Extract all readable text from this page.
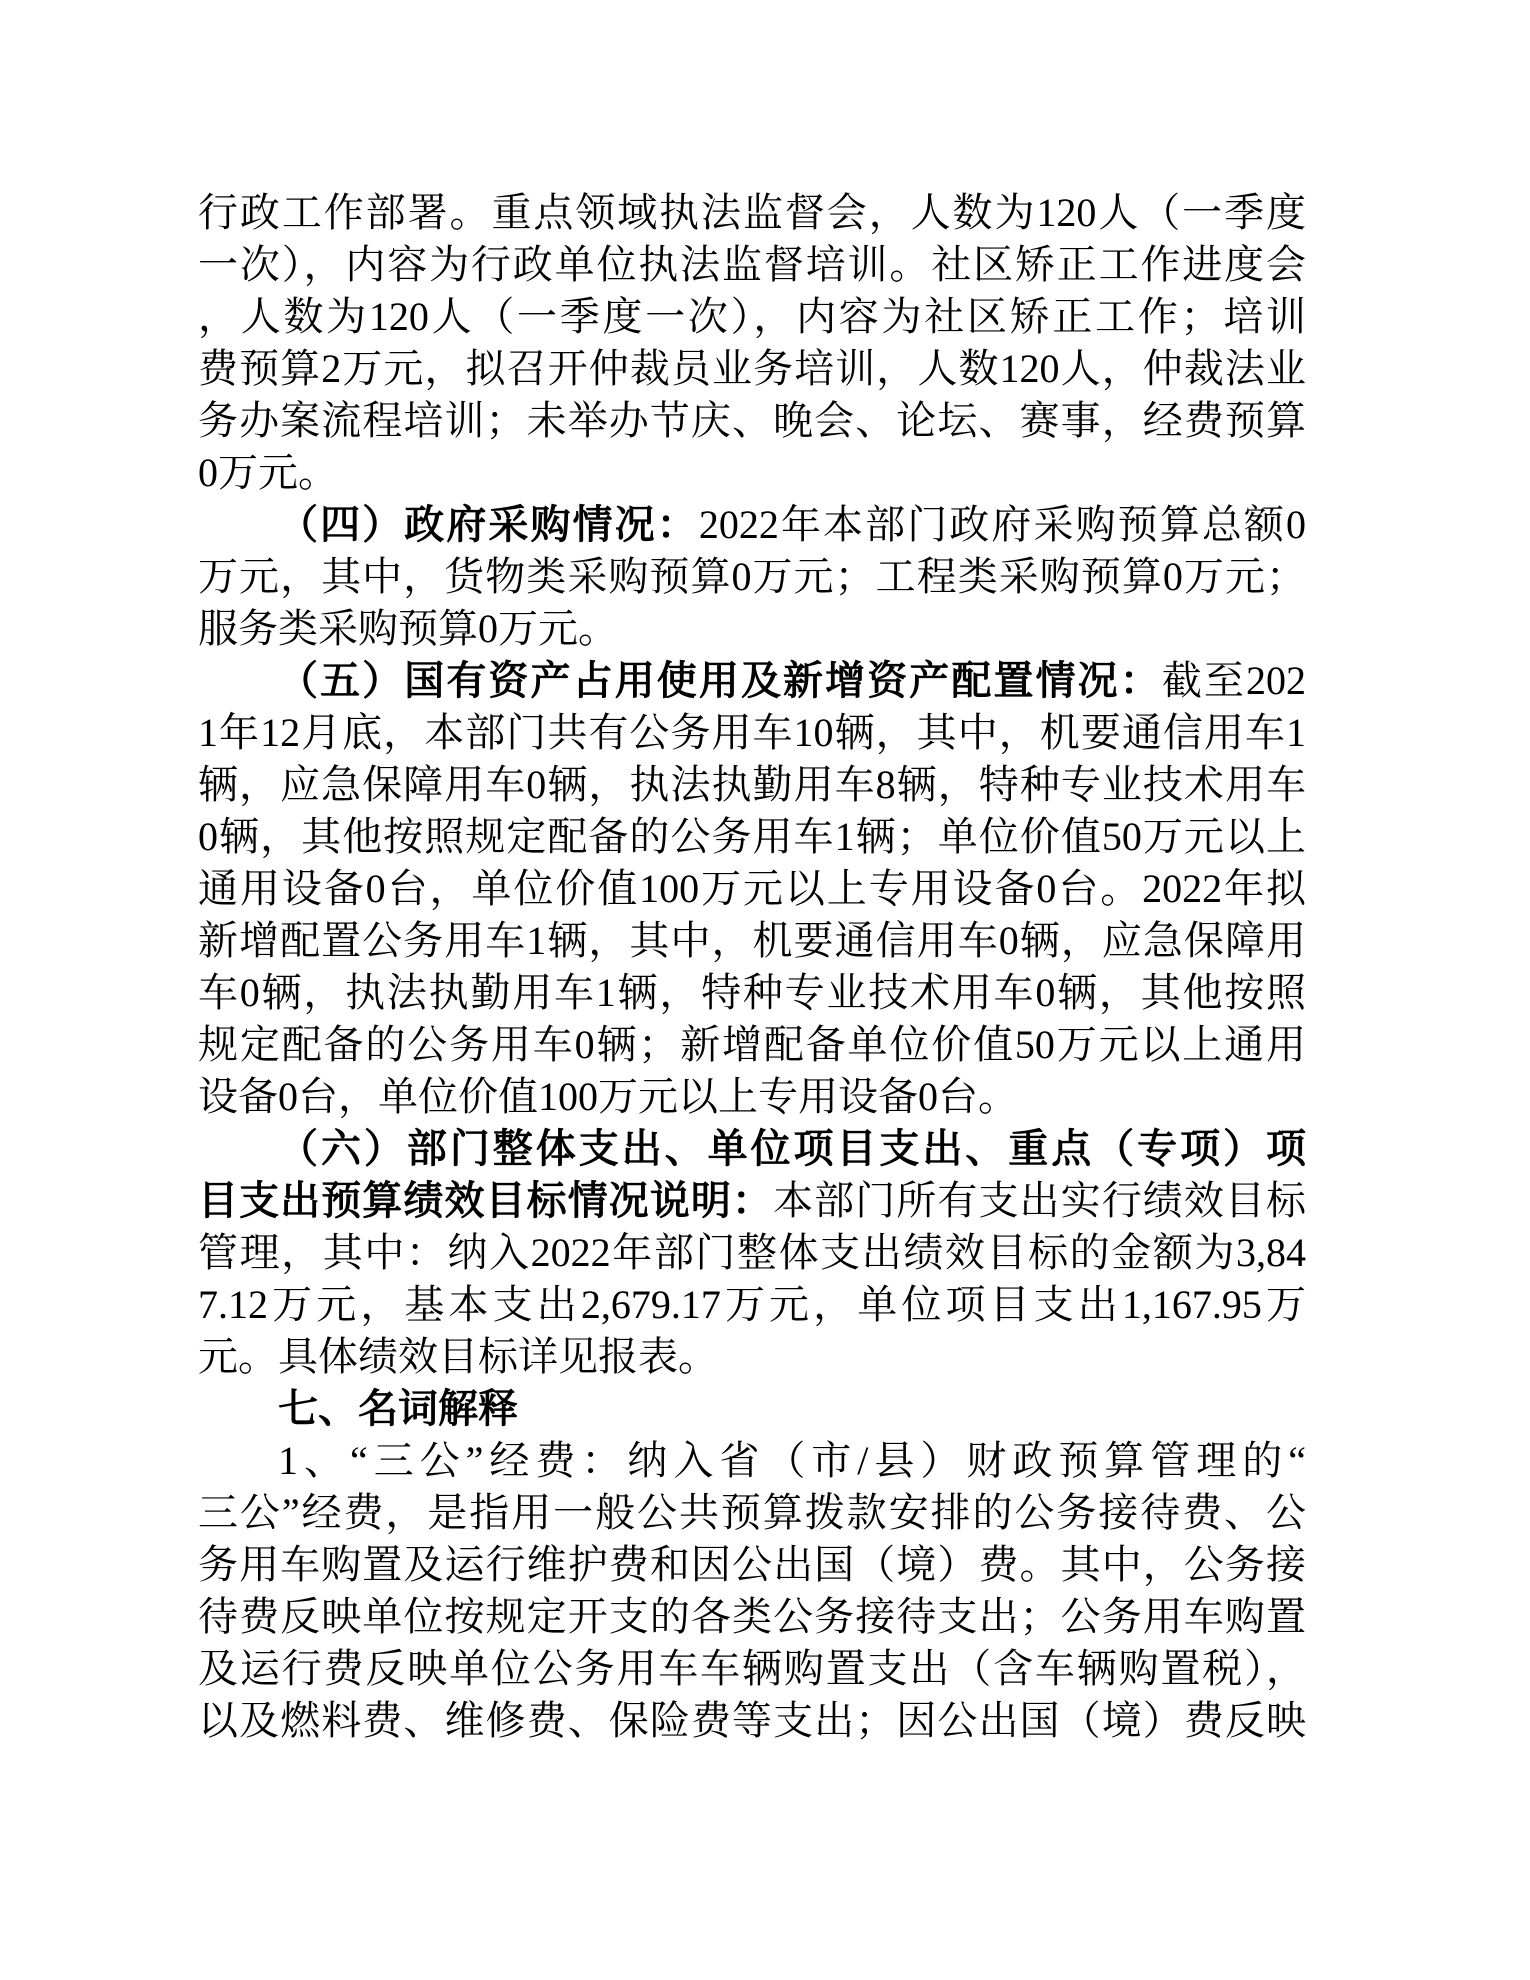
行政工作部署。重点领域执法监督会，人数为120人（一季度
一次），内容为行政单位执法监督培训。社区矫正工作进度会
，人数为120人（一季度一次），内容为社区矫正工作；培训
费预算2万元，拟召开仲裁员业务培训，人数120人，仲裁法业
务办案流程培训；未举办节庆、晚会、论坛、赛事，经费预算
0万元。
（四）政府采购情况：2022年本部门政府采购预算总额0
万元，其中，货物类采购预算0万元；工程类采购预算0万元；
服务类采购预算0万元。
（五）国有资产占用使用及新增资产配置情况：截至202
1年12月底，本部门共有公务用车10辆，其中，机要通信用车1
辆，应急保障用车0辆，执法执勤用车8辆，特种专业技术用车
0辆，其他按照规定配备的公务用车1辆；单位价值50万元以上
通用设备0台，单位价值100万元以上专用设备0台。2022年拟
新增配置公务用车1辆，其中，机要通信用车0辆，应急保障用
车0辆，执法执勤用车1辆，特种专业技术用车0辆，其他按照
规定配备的公务用车0辆；新增配备单位价值50万元以上通用
设备0台，单位价值100万元以上专用设备0台。
（六）部门整体支出、单位项目支出、重点（专项）项
目支出预算绩效目标情况说明：本部门所有支出实行绩效目标
管理，其中：纳入2022年部门整体支出绩效目标的金额为3,84
7.12万元，基本支出2,679.17万元，单位项目支出1,167.95万
元。具体绩效目标详见报表。
七、名词解释
1、“三公”经费：纳入省（市/县）财政预算管理的“
三公”经费，是指用一般公共预算拨款安排的公务接待费、公
务用车购置及运行维护费和因公出国（境）费。其中，公务接
待费反映单位按规定开支的各类公务接待支出；公务用车购置
及运行费反映单位公务用车车辆购置支出（含车辆购置税），
以及燃料费、维修费、保险费等支出；因公出国（境）费反映
